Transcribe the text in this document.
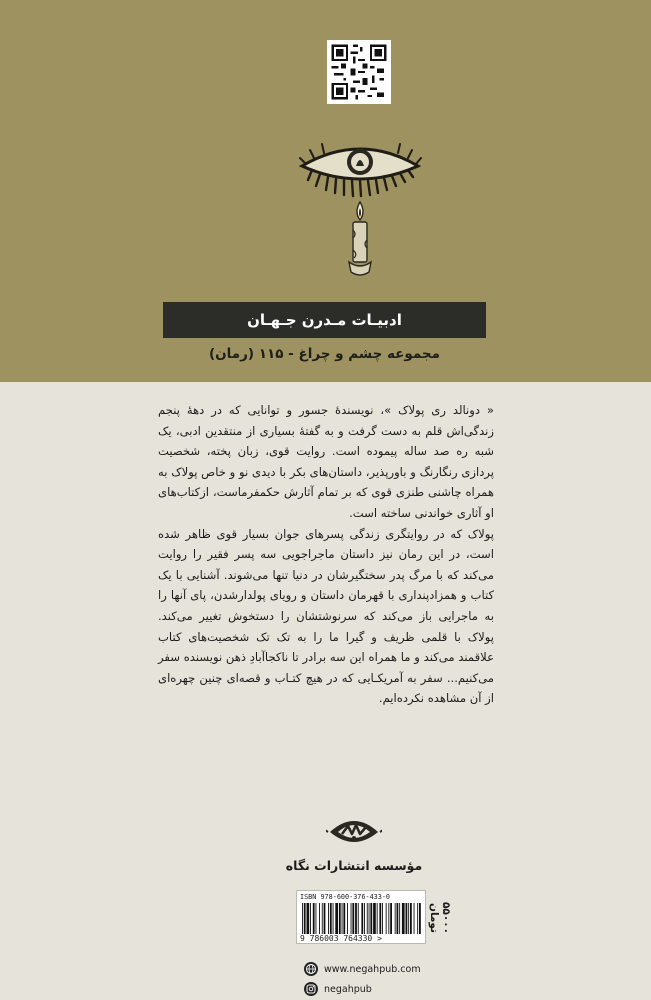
ادبیـات مـدرن جـهـان
مجموعه چشم و چراغ - ۱۱۵ (رمان)

« دونالد ری پولاک »، نویسندهٔ جسور و توانایی که در دههٔ پنجم زندگی‌اش قلم به دست گرفت و به گفتهٔ بسیاری از منتقدین ادبی، یک شبه ره صد ساله پیموده است. روایت قوی، زبان پخته، شخصیت پردازی رنگارنگ و باورپذیر، داستان‌های بکر با دیدی نو و خاص پولاک به همراه چاشنی طنزی قوی که بر تمام آثارش حکمفرماست، ازکتاب‌های او آثاری خواندنی ساخته است.

پولاک که در روایتگری زندگی پسرهای جوان بسیار قوی ظاهر شده است، در این رمان نیز داستان ماجراجویی سه پسر فقیر را روایت می‌کند که با مرگ پدر سختگیرشان در دنیا تنها می‌شوند. آشنایی با یک کتاب و همزادپنداری با قهرمان داستان و رویای پولدارشدن، پای آنها را به ماجرایی باز می‌کند که سرنوشتشان را دستخوش تغییر می‌کند. پولاک با قلمی ظریف و گیرا ما را به تک تک شخصیت‌های کتاب علاقمند می‌کند و ما همراه این سه برادر تا ناکجاآبادِ ذهن نویسنده سفر می‌کنیم... سفر به آمریکـایی که در هیچ کتـاب و قصه‌ای چنین چهره‌ای از آن مشاهده نکرده‌ایم.

مؤسسه انتشارات نگاه
ISBN 978-600-376-433-0
9 786003 764330 >
۵۵۰۰۰ تومان
www.negahpub.com
negahpub
